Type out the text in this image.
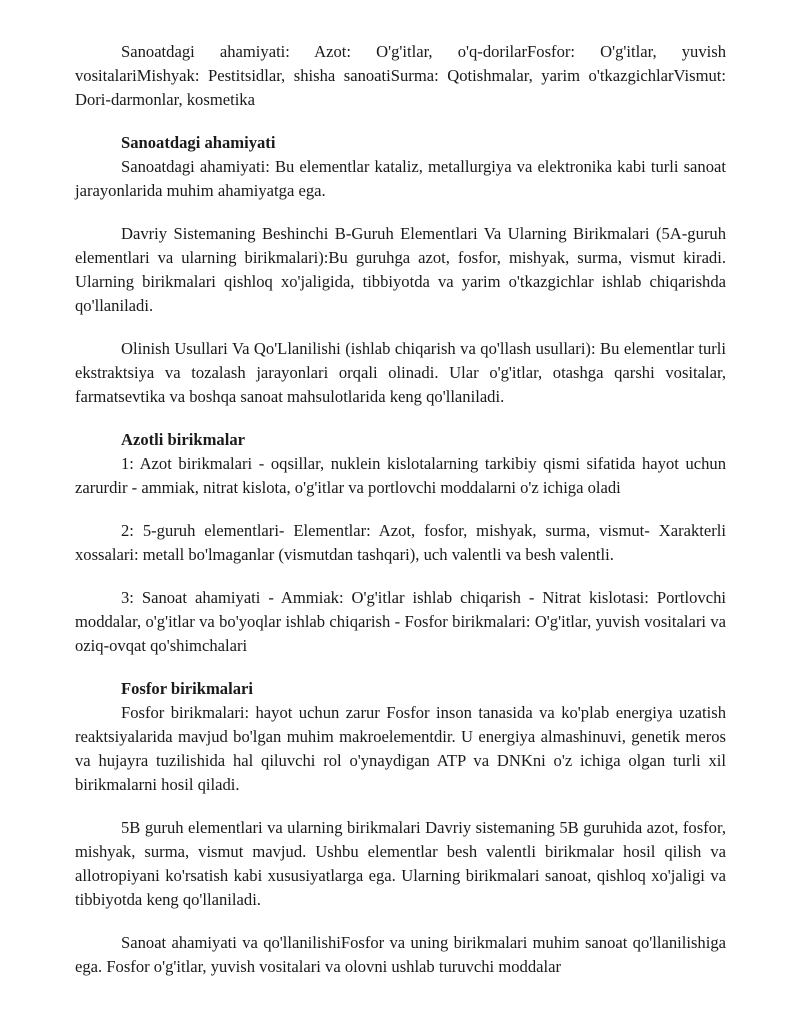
Sanoatdagi ahamiyati: Azot: O'g'itlar, o'q-dorilarFosfor: O'g'itlar, yuvish vositalariMishyak: Pestitsidlar, shisha sanoatiSurma: Qotishmalar, yarim o'tkazgichlarVismut: Dori-darmonlar, kosmetika

Sanoatdagi ahamiyati

Sanoatdagi ahamiyati: Bu elementlar kataliz, metallurgiya va elektronika kabi turli sanoat jarayonlarida muhim ahamiyatga ega.

Davriy Sistemaning Beshinchi B-Guruh Elementlari Va Ularning Birikmalari (5A-guruh elementlari va ularning birikmalari):Bu guruhga azot, fosfor, mishyak, surma, vismut kiradi. Ularning birikmalari qishloq xo'jaligida, tibbiyotda va yarim o'tkazgichlar ishlab chiqarishda qo'llaniladi.

Olinish Usullari Va Qo'Llanilishi (ishlab chiqarish va qo'llash usullari): Bu elementlar turli ekstraktsiya va tozalash jarayonlari orqali olinadi. Ular o'g'itlar, otashga qarshi vositalar, farmatsevtika va boshqa sanoat mahsulotlarida keng qo'llaniladi.

Azotli birikmalar

1: Azot birikmalari - oqsillar, nuklein kislotalarning tarkibiy qismi sifatida hayot uchun zarurdir - ammiak, nitrat kislota, o'g'itlar va portlovchi moddalarni o'z ichiga oladi

2: 5-guruh elementlari- Elementlar: Azot, fosfor, mishyak, surma, vismut- Xarakterli xossalari: metall bo'lmaganlar (vismutdan tashqari), uch valentli va besh valentli.

3: Sanoat ahamiyati - Ammiak: O'g'itlar ishlab chiqarish - Nitrat kislotasi: Portlovchi moddalar, o'g'itlar va bo'yoqlar ishlab chiqarish - Fosfor birikmalari: O'g'itlar, yuvish vositalari va oziq-ovqat qo'shimchalari

Fosfor birikmalari

Fosfor birikmalari: hayot uchun zarur Fosfor inson tanasida va ko'plab energiya uzatish reaktsiyalarida mavjud bo'lgan muhim makroelementdir. U energiya almashinuvi, genetik meros va hujayra tuzilishida hal qiluvchi rol o'ynaydigan ATP va DNKni o'z ichiga olgan turli xil birikmalarni hosil qiladi.

5B guruh elementlari va ularning birikmalari Davriy sistemaning 5B guruhida azot, fosfor, mishyak, surma, vismut mavjud. Ushbu elementlar besh valentli birikmalar hosil qilish va allotropiyani ko'rsatish kabi xususiyatlarga ega. Ularning birikmalari sanoat, qishloq xo'jaligi va tibbiyotda keng qo'llaniladi.

Sanoat ahamiyati va qo'llanilishiFosfor va uning birikmalari muhim sanoat qo'llanilishiga ega. Fosfor o'g'itlar, yuvish vositalari va olovni ushlab turuvchi moddalar
